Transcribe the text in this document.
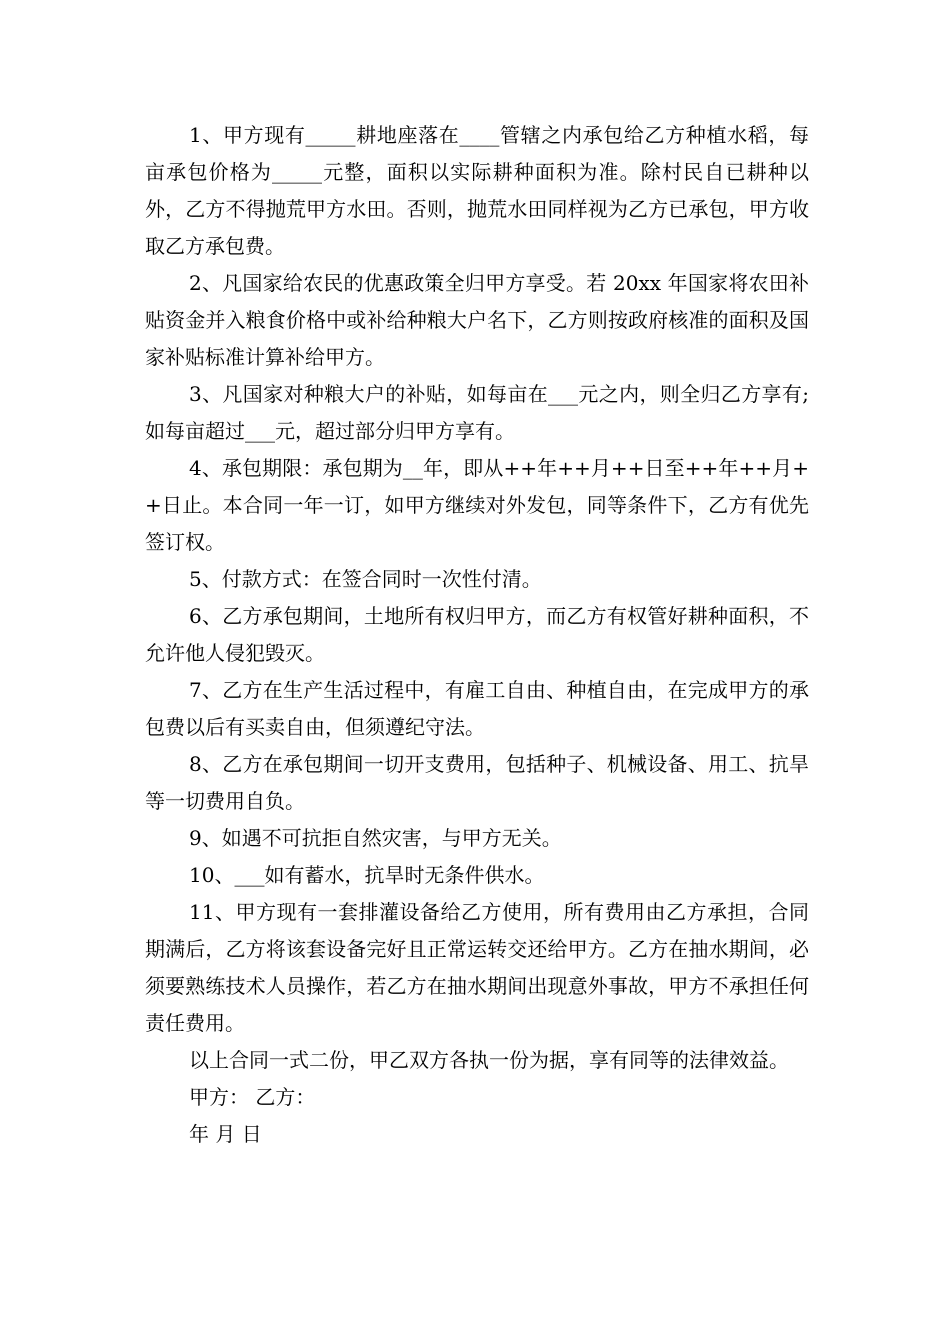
1、甲方现有_____耕地座落在____管辖之内承包给乙方种植水稻，每亩承包价格为_____元整，面积以实际耕种面积为准。除村民自已耕种以外，乙方不得抛荒甲方水田。否则，抛荒水田同样视为乙方已承包，甲方收取乙方承包费。

2、凡国家给农民的优惠政策全归甲方享受。若 20xx 年国家将农田补贴资金并入粮食价格中或补给种粮大户名下，乙方则按政府核准的面积及国家补贴标准计算补给甲方。

3、凡国家对种粮大户的补贴，如每亩在___元之内，则全归乙方享有;如每亩超过___元，超过部分归甲方享有。

4、承包期限：承包期为__年，即从++年++月++日至++年++月++日止。本合同一年一订，如甲方继续对外发包，同等条件下，乙方有优先签订权。

5、付款方式：在签合同时一次性付清。

6、乙方承包期间，土地所有权归甲方，而乙方有权管好耕种面积，不允许他人侵犯毁灭。

7、乙方在生产生活过程中，有雇工自由、种植自由，在完成甲方的承包费以后有买卖自由，但须遵纪守法。

8、乙方在承包期间一切开支费用，包括种子、机械设备、用工、抗旱等一切费用自负。

9、如遇不可抗拒自然灾害，与甲方无关。

10、___如有蓄水，抗旱时无条件供水。

11、甲方现有一套排灌设备给乙方使用，所有费用由乙方承担，合同期满后，乙方将该套设备完好且正常运转交还给甲方。乙方在抽水期间，必须要熟练技术人员操作，若乙方在抽水期间出现意外事故，甲方不承担任何责任费用。

以上合同一式二份，甲乙双方各执一份为据，享有同等的法律效益。

甲方： 乙方：

年 月 日
